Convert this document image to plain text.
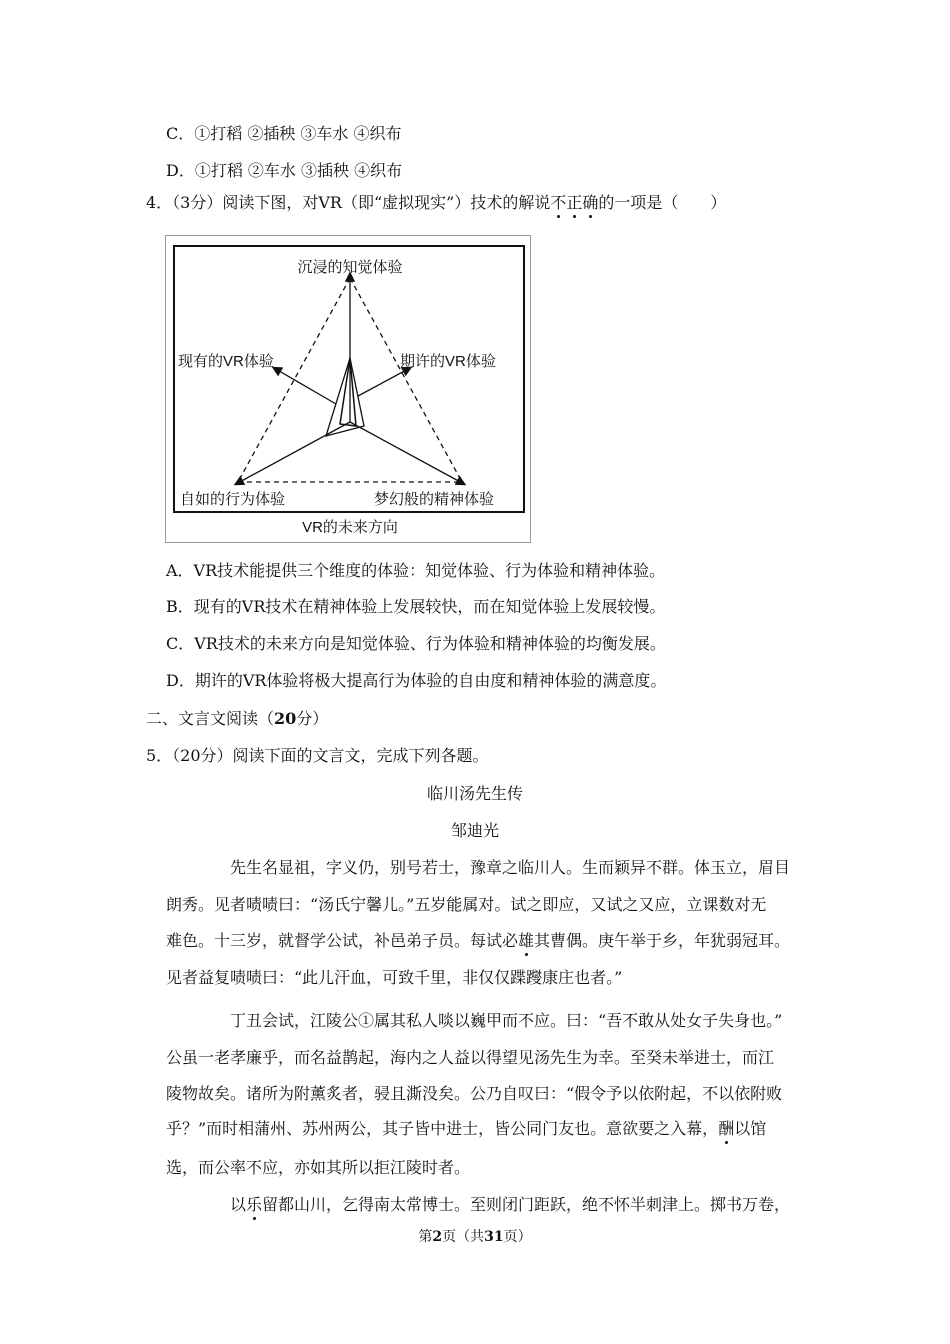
C．①打稻 ②插秧 ③车水 ④织布
D．①打稻 ②车水 ③插秧 ④织布
4．（3分）阅读下图，对VR（即“虚拟现实”）技术的解说不正确的一项是（　　）
沉浸的知觉体验
现有的VR体验	期许的VR体验
自如的行为体验	梦幻般的精神体验
VR的未来方向
A．VR技术能提供三个维度的体验：知觉体验、行为体验和精神体验。
B．现有的VR技术在精神体验上发展较快，而在知觉体验上发展较慢。
C．VR技术的未来方向是知觉体验、行为体验和精神体验的均衡发展。
D．期许的VR体验将极大提高行为体验的自由度和精神体验的满意度。
二、文言文阅读（20分）
5．（20分）阅读下面的文言文，完成下列各题。
临川汤先生传
邹迪光
先生名显祖，字义仍，别号若士，豫章之临川人。生而颖异不群。体玉立，眉目
朗秀。见者啧啧曰：“汤氏宁馨儿。”五岁能属对。试之即应，又试之又应，立课数对无
难色。十三岁，就督学公试，补邑弟子员。每试必雄其曹偶。庚午举于乡，年犹弱冠耳。
见者益复啧啧曰：“此儿汗血，可致千里，非仅仅蹀躞康庄也者。”
丁丑会试，江陵公①属其私人啖以巍甲而不应。曰：“吾不敢从处女子失身也。”
公虽一老孝廉乎，而名益鹊起，海内之人益以得望见汤先生为幸。至癸未举进士，而江
陵物故矣。诸所为附薰炙者，骎且澌没矣。公乃自叹曰：“假令予以依附起，不以依附败
乎？”而时相蒲州、苏州两公，其子皆中进士，皆公同门友也。意欲要之入幕，酬以馆
选，而公率不应，亦如其所以拒江陵时者。
以乐留都山川，乞得南太常博士。至则闭门距跃，绝不怀半刺津上。掷书万卷，
第2页（共31页）
